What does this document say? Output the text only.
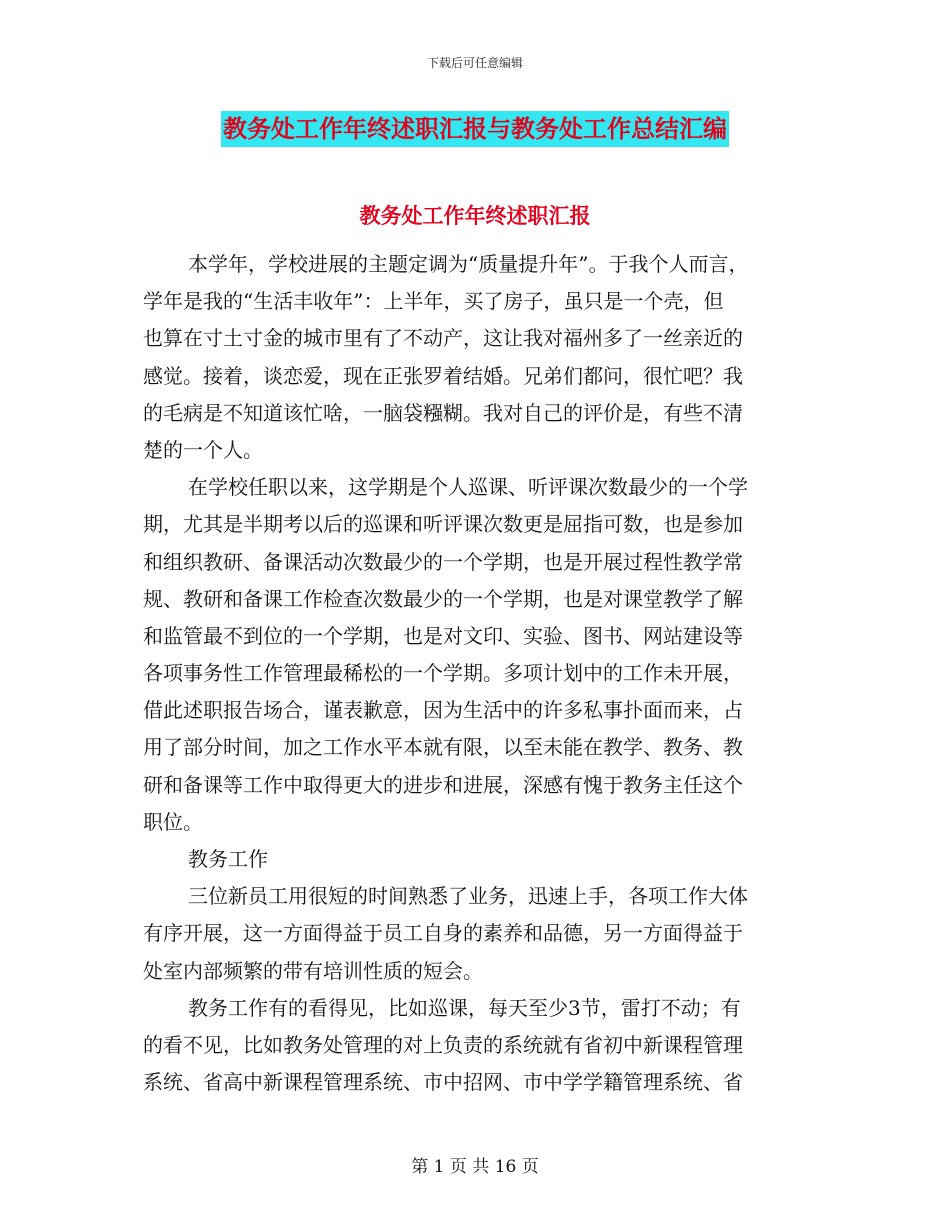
下载后可任意编辑
教务处工作年终述职汇报与教务处工作总结汇编
教务处工作年终述职汇报
本学年，学校进展的主题定调为“质量提升年”。于我个人而言，
学年是我的“生活丰收年”：上半年，买了房子，虽只是一个壳，但
也算在寸土寸金的城市里有了不动产，这让我对福州多了一丝亲近的
感觉。接着，谈恋爱，现在正张罗着结婚。兄弟们都问，很忙吧？我
的毛病是不知道该忙啥，一脑袋糨糊。我对自己的评价是，有些不清
楚的一个人。
在学校任职以来，这学期是个人巡课、听评课次数最少的一个学
期，尤其是半期考以后的巡课和听评课次数更是屈指可数，也是参加
和组织教研、备课活动次数最少的一个学期，也是开展过程性教学常
规、教研和备课工作检查次数最少的一个学期，也是对课堂教学了解
和监管最不到位的一个学期，也是对文印、实验、图书、网站建设等
各项事务性工作管理最稀松的一个学期。多项计划中的工作未开展，
借此述职报告场合，谨表歉意，因为生活中的许多私事扑面而来，占
用了部分时间，加之工作水平本就有限，以至未能在教学、教务、教
研和备课等工作中取得更大的进步和进展，深感有愧于教务主任这个
职位。
教务工作
三位新员工用很短的时间熟悉了业务，迅速上手，各项工作大体
有序开展，这一方面得益于员工自身的素养和品德，另一方面得益于
处室内部频繁的带有培训性质的短会。
教务工作有的看得见，比如巡课，每天至少3节，雷打不动；有
的看不见，比如教务处管理的对上负责的系统就有省初中新课程管理
系统、省高中新课程管理系统、市中招网、市中学学籍管理系统、省
第 1 页 共 16 页
